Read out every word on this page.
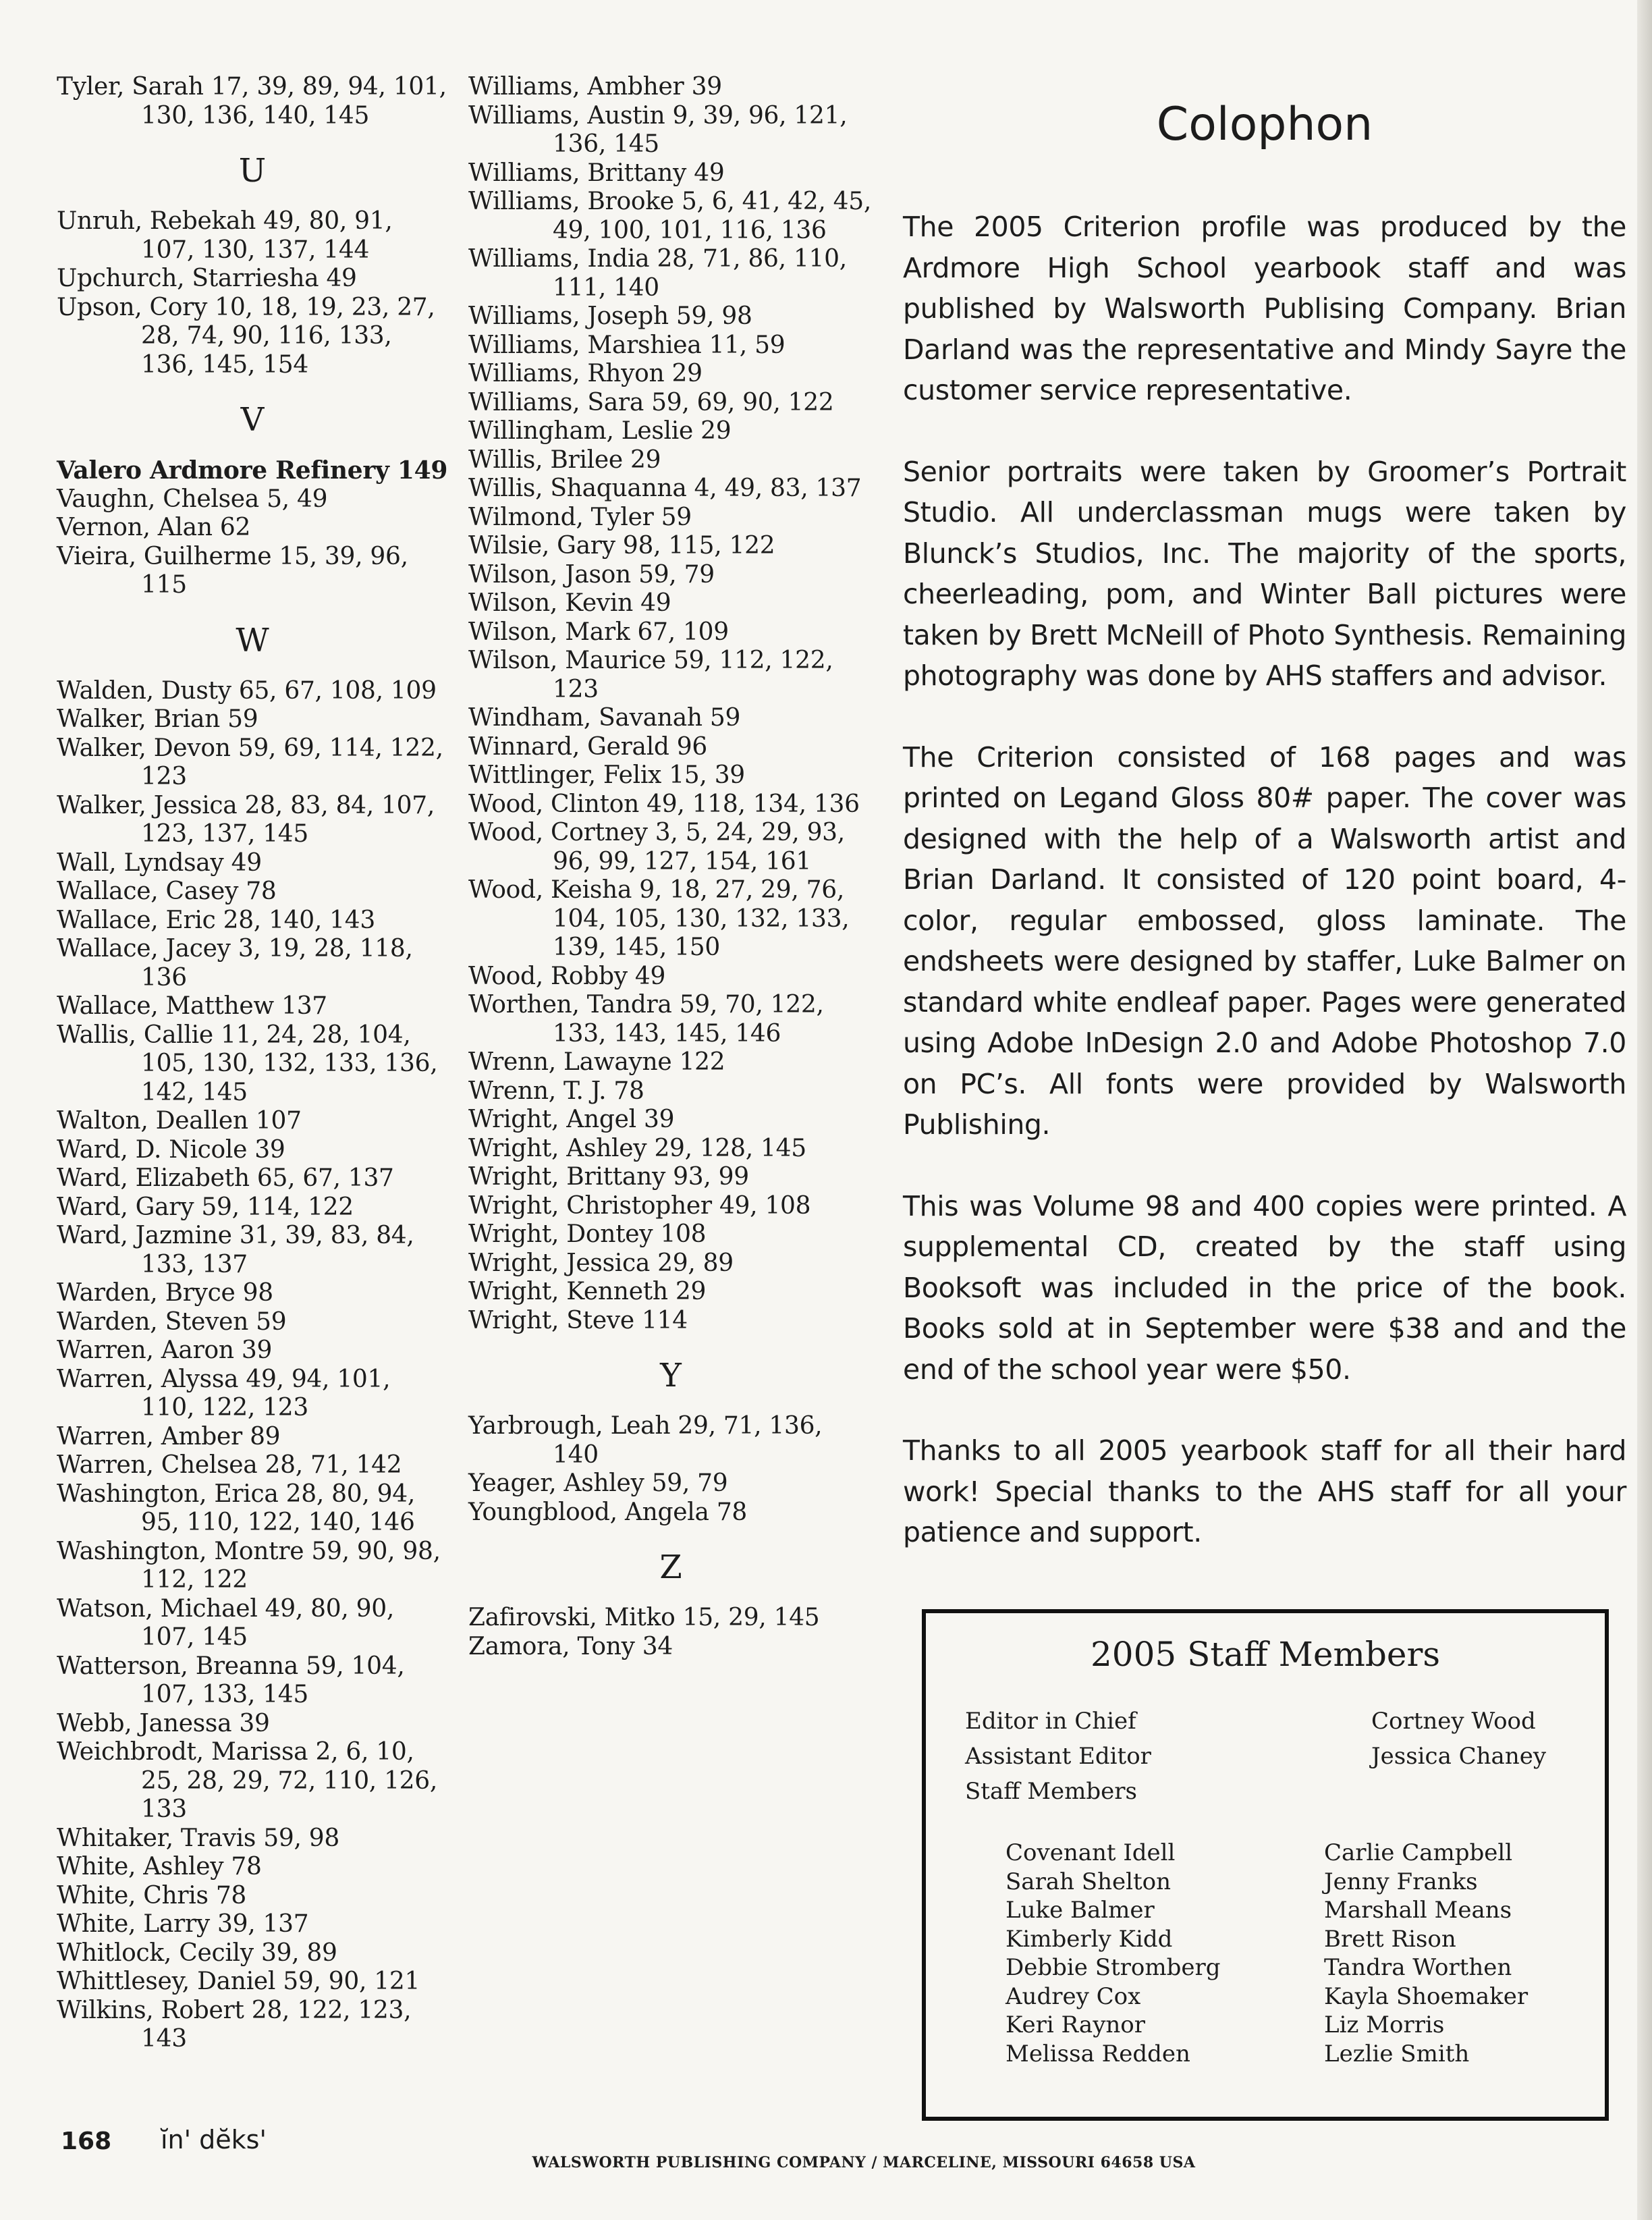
Tyler, Sarah 17, 39, 89, 94, 101, 130, 136, 140, 145
U
Unruh, Rebekah 49, 80, 91, 107, 130, 137, 144
Upchurch, Starriesha 49
Upson, Cory 10, 18, 19, 23, 27, 28, 74, 90, 116, 133, 136, 145, 154
V
Valero Ardmore Refinery 149
Vaughn, Chelsea 5, 49
Vernon, Alan 62
Vieira, Guilherme 15, 39, 96, 115
W
Walden, Dusty 65, 67, 108, 109
Walker, Brian 59
Walker, Devon 59, 69, 114, 122, 123
Walker, Jessica 28, 83, 84, 107, 123, 137, 145
Wall, Lyndsay 49
Wallace, Casey 78
Wallace, Eric 28, 140, 143
Wallace, Jacey 3, 19, 28, 118, 136
Wallace, Matthew 137
Wallis, Callie 11, 24, 28, 104, 105, 130, 132, 133, 136, 142, 145
Walton, Deallen 107
Ward, D. Nicole 39
Ward, Elizabeth 65, 67, 137
Ward, Gary 59, 114, 122
Ward, Jazmine 31, 39, 83, 84, 133, 137
Warden, Bryce 98
Warden, Steven 59
Warren, Aaron 39
Warren, Alyssa 49, 94, 101, 110, 122, 123
Warren, Amber 89
Warren, Chelsea 28, 71, 142
Washington, Erica 28, 80, 94, 95, 110, 122, 140, 146
Washington, Montre 59, 90, 98, 112, 122
Watson, Michael 49, 80, 90, 107, 145
Watterson, Breanna 59, 104, 107, 133, 145
Webb, Janessa 39
Weichbrodt, Marissa 2, 6, 10, 25, 28, 29, 72, 110, 126, 133
Whitaker, Travis 59, 98
White, Ashley 78
White, Chris 78
White, Larry 39, 137
Whitlock, Cecily 39, 89
Whittlesey, Daniel 59, 90, 121
Wilkins, Robert 28, 122, 123, 143
Williams, Ambher 39
Williams, Austin 9, 39, 96, 121, 136, 145
Williams, Brittany 49
Williams, Brooke 5, 6, 41, 42, 45, 49, 100, 101, 116, 136
Williams, India 28, 71, 86, 110, 111, 140
Williams, Joseph 59, 98
Williams, Marshiea 11, 59
Williams, Rhyon 29
Williams, Sara 59, 69, 90, 122
Willingham, Leslie 29
Willis, Brilee 29
Willis, Shaquanna 4, 49, 83, 137
Wilmond, Tyler 59
Wilsie, Gary 98, 115, 122
Wilson, Jason 59, 79
Wilson, Kevin 49
Wilson, Mark 67, 109
Wilson, Maurice 59, 112, 122, 123
Windham, Savanah 59
Winnard, Gerald 96
Wittlinger, Felix 15, 39
Wood, Clinton 49, 118, 134, 136
Wood, Cortney 3, 5, 24, 29, 93, 96, 99, 127, 154, 161
Wood, Keisha 9, 18, 27, 29, 76, 104, 105, 130, 132, 133, 139, 145, 150
Wood, Robby 49
Worthen, Tandra 59, 70, 122, 133, 143, 145, 146
Wrenn, Lawayne 122
Wrenn, T. J. 78
Wright, Angel 39
Wright, Ashley 29, 128, 145
Wright, Brittany 93, 99
Wright, Christopher 49, 108
Wright, Dontey 108
Wright, Jessica 29, 89
Wright, Kenneth 29
Wright, Steve 114
Y
Yarbrough, Leah 29, 71, 136, 140
Yeager, Ashley 59, 79
Youngblood, Angela 78
Z
Zafirovski, Mitko 15, 29, 145
Zamora, Tony 34
Colophon

The 2005 Criterion profile was produced by the Ardmore High School yearbook staff and was published by Walsworth Publising Company. Brian Darland was the representative and Mindy Sayre the customer service representative.

Senior portraits were taken by Groomer’s Portrait Studio. All underclassman mugs were taken by Blunck’s Studios, Inc. The majority of the sports, cheerleading, pom, and Winter Ball pictures were taken by Brett McNeill of Photo Synthesis. Remaining photography was done by AHS staffers and advisor.

The Criterion consisted of 168 pages and was printed on Legand Gloss 80# paper. The cover was designed with the help of a Walsworth artist and Brian Darland. It consisted of 120 point board, 4-color, regular embossed, gloss laminate. The endsheets were designed by staffer, Luke Balmer on standard white endleaf paper. Pages were generated using Adobe InDesign 2.0 and Adobe Photoshop 7.0 on PC’s. All fonts were provided by Walsworth Publishing.

This was Volume 98 and 400 copies were printed. A supplemental CD, created by the staff using Booksoft was included in the price of the book. Books sold at in September were $38 and and the end of the school year were $50.

Thanks to all 2005 yearbook staff for all their hard work! Special thanks to the AHS staff for all your patience and support.

2005 Staff Members
Editor in Chief	Cortney Wood
Assistant Editor	Jessica Chaney
Staff Members
Covenant Idell
Sarah Shelton
Luke Balmer
Kimberly Kidd
Debbie Stromberg
Audrey Cox
Keri Raynor
Melissa Redden
Carlie Campbell
Jenny Franks
Marshall Means
Brett Rison
Tandra Worthen
Kayla Shoemaker
Liz Morris
Lezlie Smith
168 ĭn' dĕks'
WALSWORTH PUBLISHING COMPANY / MARCELINE, MISSOURI 64658 USA
